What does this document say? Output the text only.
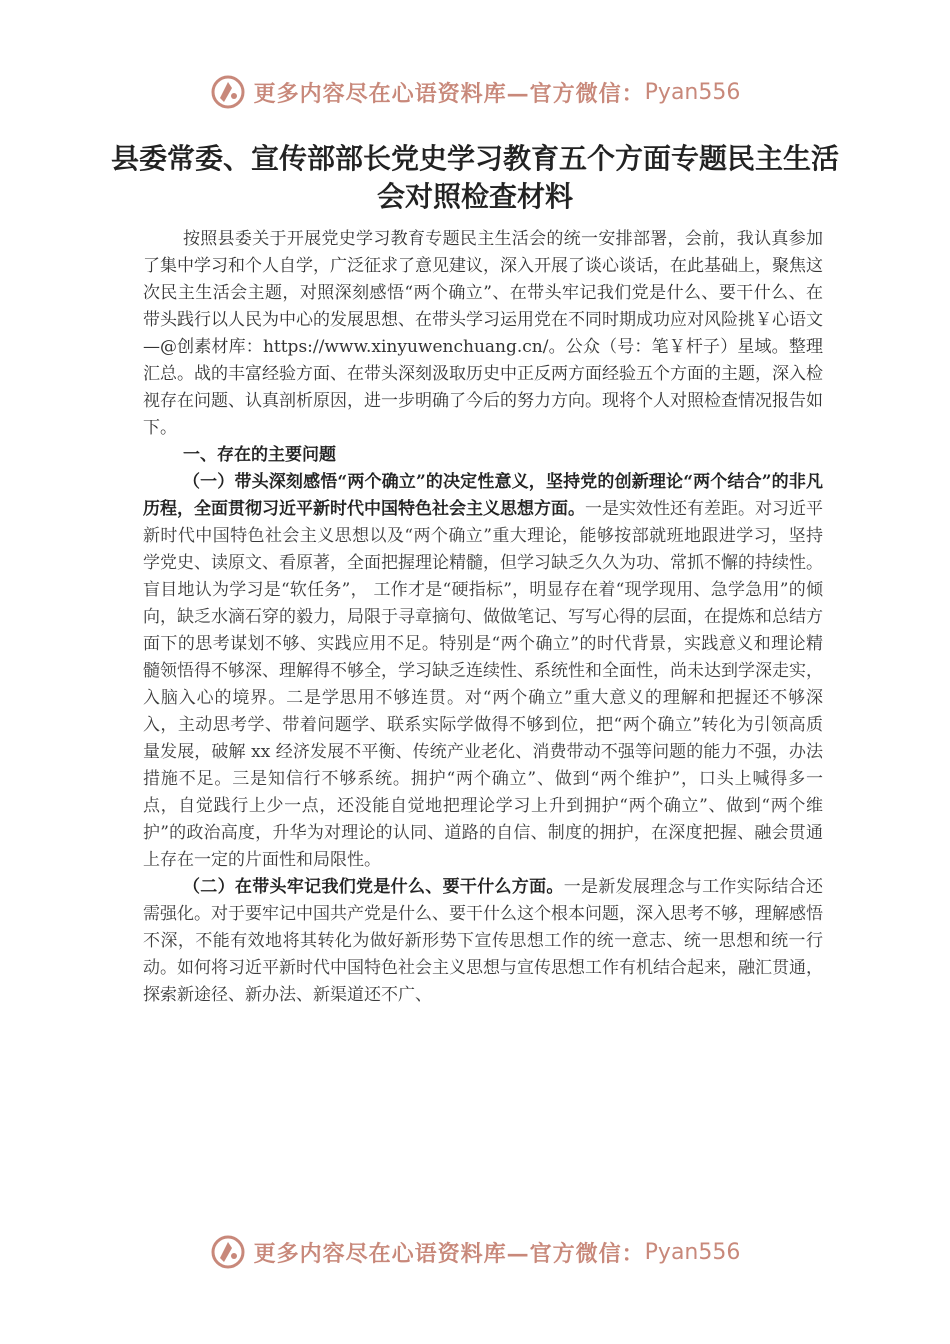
更多内容尽在心语资料库—官方微信： Pyan556
县委常委、宣传部部长党史学习教育五个方面专题民主生活会对照检查材料

按照县委关于开展党史学习教育专题民主生活会的统一安排部署，会前，我认真参加了集中学习和个人自学，广泛征求了意见建议，深入开展了谈心谈话，在此基础上，聚焦这次民主生活会主题，对照深刻感悟“两个确立”、在带头牢记我们党是什么、要干什么、在带头践行以人民为中心的发展思想、在带头学习运用党在不同时期成功应对风险挑￥心语文—@创素材库：https://www.xinyuwenchuang.cn/。公众（号：笔￥杆子）星域。整理汇总。战的丰富经验方面、在带头深刻汲取历史中正反两方面经验五个方面的主题，深入检视存在问题、认真剖析原因，进一步明确了今后的努力方向。现将个人对照检查情况报告如下。

一、存在的主要问题

（一）带头深刻感悟“两个确立”的决定性意义，坚持党的创新理论“两个结合”的非凡历程，全面贯彻习近平新时代中国特色社会主义思想方面。一是实效性还有差距。对习近平新时代中国特色社会主义思想以及“两个确立”重大理论，能够按部就班地跟进学习，坚持学党史、读原文、看原著，全面把握理论精髓，但学习缺乏久久为功、常抓不懈的持续性。盲目地认为学习是“软任务”， 工作才是“硬指标”，明显存在着“现学现用、急学急用”的倾向，缺乏水滴石穿的毅力，局限于寻章摘句、做做笔记、写写心得的层面，在提炼和总结方面下的思考谋划不够、实践应用不足。特别是“两个确立”的时代背景，实践意义和理论精髓领悟得不够深、理解得不够全，学习缺乏连续性、系统性和全面性，尚未达到学深走实，入脑入心的境界。二是学思用不够连贯。对“两个确立”重大意义的理解和把握还不够深入，主动思考学、带着问题学、联系实际学做得不够到位，把“两个确立”转化为引领高质量发展，破解 xx 经济发展不平衡、传统产业老化、消费带动不强等问题的能力不强，办法措施不足。三是知信行不够系统。拥护“两个确立”、做到“两个维护”，口头上喊得多一点，自觉践行上少一点，还没能自觉地把理论学习上升到拥护“两个确立”、做到“两个维护”的政治高度，升华为对理论的认同、道路的自信、制度的拥护，在深度把握、融会贯通上存在一定的片面性和局限性。

（二）在带头牢记我们党是什么、要干什么方面。一是新发展理念与工作实际结合还需强化。对于要牢记中国共产党是什么、要干什么这个根本问题，深入思考不够，理解感悟不深，不能有效地将其转化为做好新形势下宣传思想工作的统一意志、统一思想和统一行动。如何将习近平新时代中国特色社会主义思想与宣传思想工作有机结合起来，融汇贯通，探索新途径、新办法、新渠道还不广、

更多内容尽在心语资料库—官方微信： Pyan556
